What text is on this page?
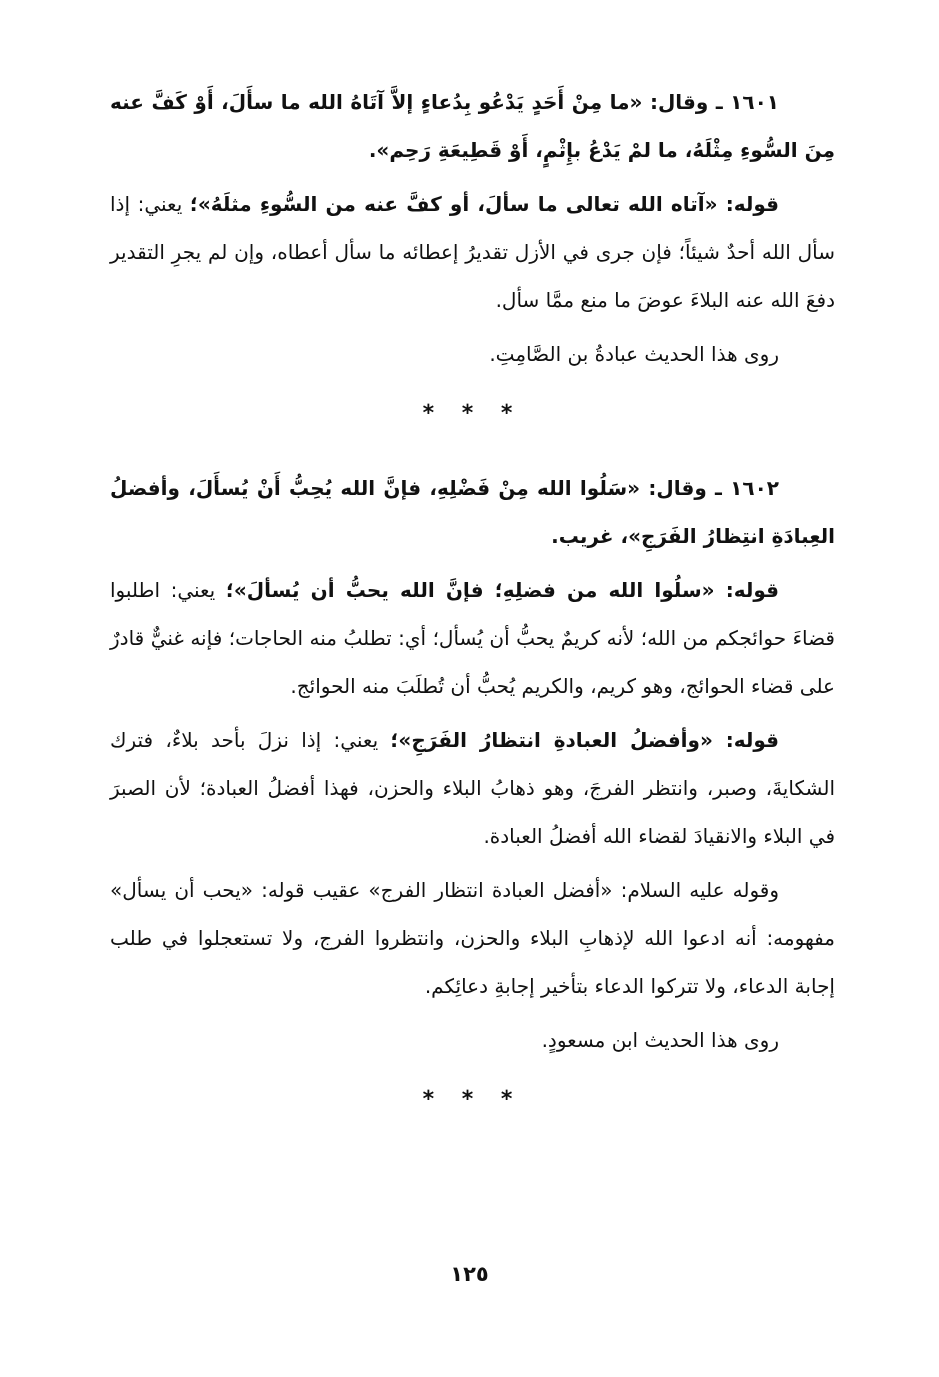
١٦٠١ ـ وقال: «ما مِنْ أَحَدٍ يَدْعُو بِدُعاءٍ إلاَّ آتَاهُ الله ما سأَلَ، أَوْ كَفَّ عنه مِنَ السُّوءِ مِثْلَهُ، ما لمْ يَدْعُ بإِثْمٍ، أَوْ قَطِيعَةِ رَحِم».

قوله: «آتاه الله تعالى ما سألَ، أو كفَّ عنه من السُّوءِ مثلَهُ»؛ يعني: إذا سأل الله أحدٌ شيئاً؛ فإن جرى في الأزل تقديرُ إعطائه ما سأل أعطاه، وإن لم يجرِ التقدير دفعَ الله عنه البلاءَ عوضَ ما منع ممَّا سأل.

روى هذا الحديث عبادةُ بن الصَّامِتِ.

* * *

١٦٠٢ ـ وقال: «سَلُوا الله مِنْ فَضْلِهِ، فإنَّ الله يُحِبُّ أَنْ يُسأَلَ، وأفضلُ العِبادَةِ انتِظارُ الفَرَجِ»، غريب.

قوله: «سلُوا الله من فضلِهِ؛ فإنَّ الله يحبُّ أن يُسألَ»؛ يعني: اطلبوا قضاءَ حوائجكم من الله؛ لأنه كريمٌ يحبُّ أن يُسأل؛ أي: تطلبُ منه الحاجات؛ فإنه غنيٌّ قادرٌ على قضاء الحوائج، وهو كريم، والكريم يُحبُّ أن تُطلَبَ منه الحوائج.

قوله: «وأفضلُ العبادةِ انتظارُ الفَرَجِ»؛ يعني: إذا نزلَ بأحد بلاءٌ، فترك الشكايةَ، وصبر، وانتظر الفرجَ، وهو ذهابُ البلاء والحزن، فهذا أفضلُ العبادة؛ لأن الصبرَ في البلاء والانقيادَ لقضاء الله أفضلُ العبادة.

وقوله عليه السلام: «أفضل العبادة انتظار الفرج» عقيب قوله: «يحب أن يسأل» مفهومه: أنه ادعوا الله لإذهابِ البلاء والحزن، وانتظروا الفرج، ولا تستعجلوا في طلب إجابة الدعاء، ولا تتركوا الدعاء بتأخير إجابةِ دعائِكم.

روى هذا الحديث ابن مسعودٍ.

* * *
١٢٥
